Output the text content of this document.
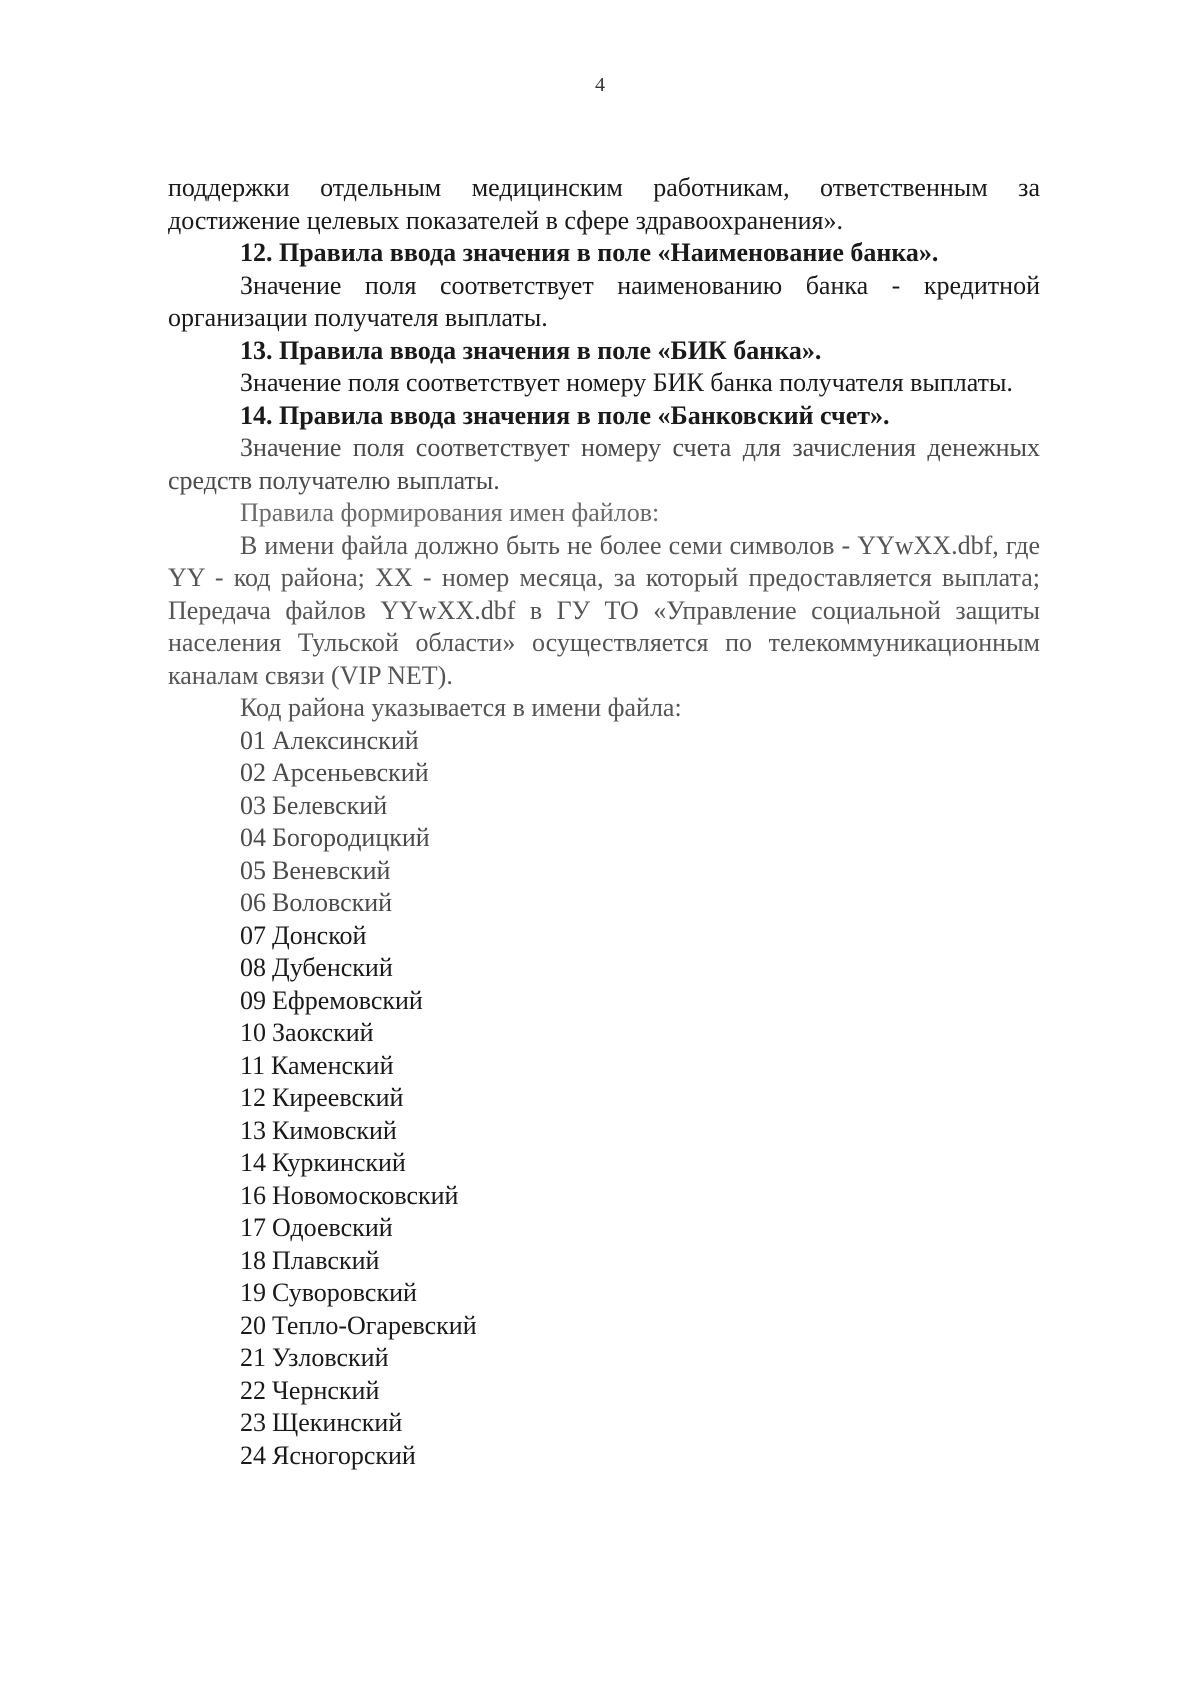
4

поддержки отдельным медицинским работникам, ответственным за достижение целевых показателей в сфере здравоохранения».

12. Правила ввода значения в поле «Наименование банка».

Значение поля соответствует наименованию банка - кредитной организации получателя выплаты.

13. Правила ввода значения в поле «БИК банка».

Значение поля соответствует номеру БИК банка получателя выплаты.

14. Правила ввода значения в поле «Банковский счет».

Значение поля соответствует номеру счета для зачисления денежных средств получателю выплаты.

Правила формирования имен файлов:

В имени файла должно быть не более семи символов - YYwXX.dbf, где YY - код района; XX - номер месяца, за который предоставляется выплата; Передача файлов YYwXX.dbf в ГУ ТО «Управление социальной защиты населения Тульской области» осуществляется по телекоммуникационным каналам связи (VIP NET).

Код района указывается в имени файла:

01 Алексинский
02 Арсеньевский
03 Белевский
04 Богородицкий
05 Веневский
06 Воловский
07 Донской
08 Дубенский
09 Ефремовский
10 Заокский
11 Каменский
12 Киреевский
13 Кимовский
14 Куркинский
16 Новомосковский
17 Одоевский
18 Плавский
19 Суворовский
20 Тепло-Огаревский
21 Узловский
22 Чернский
23 Щекинский
24 Ясногорский
